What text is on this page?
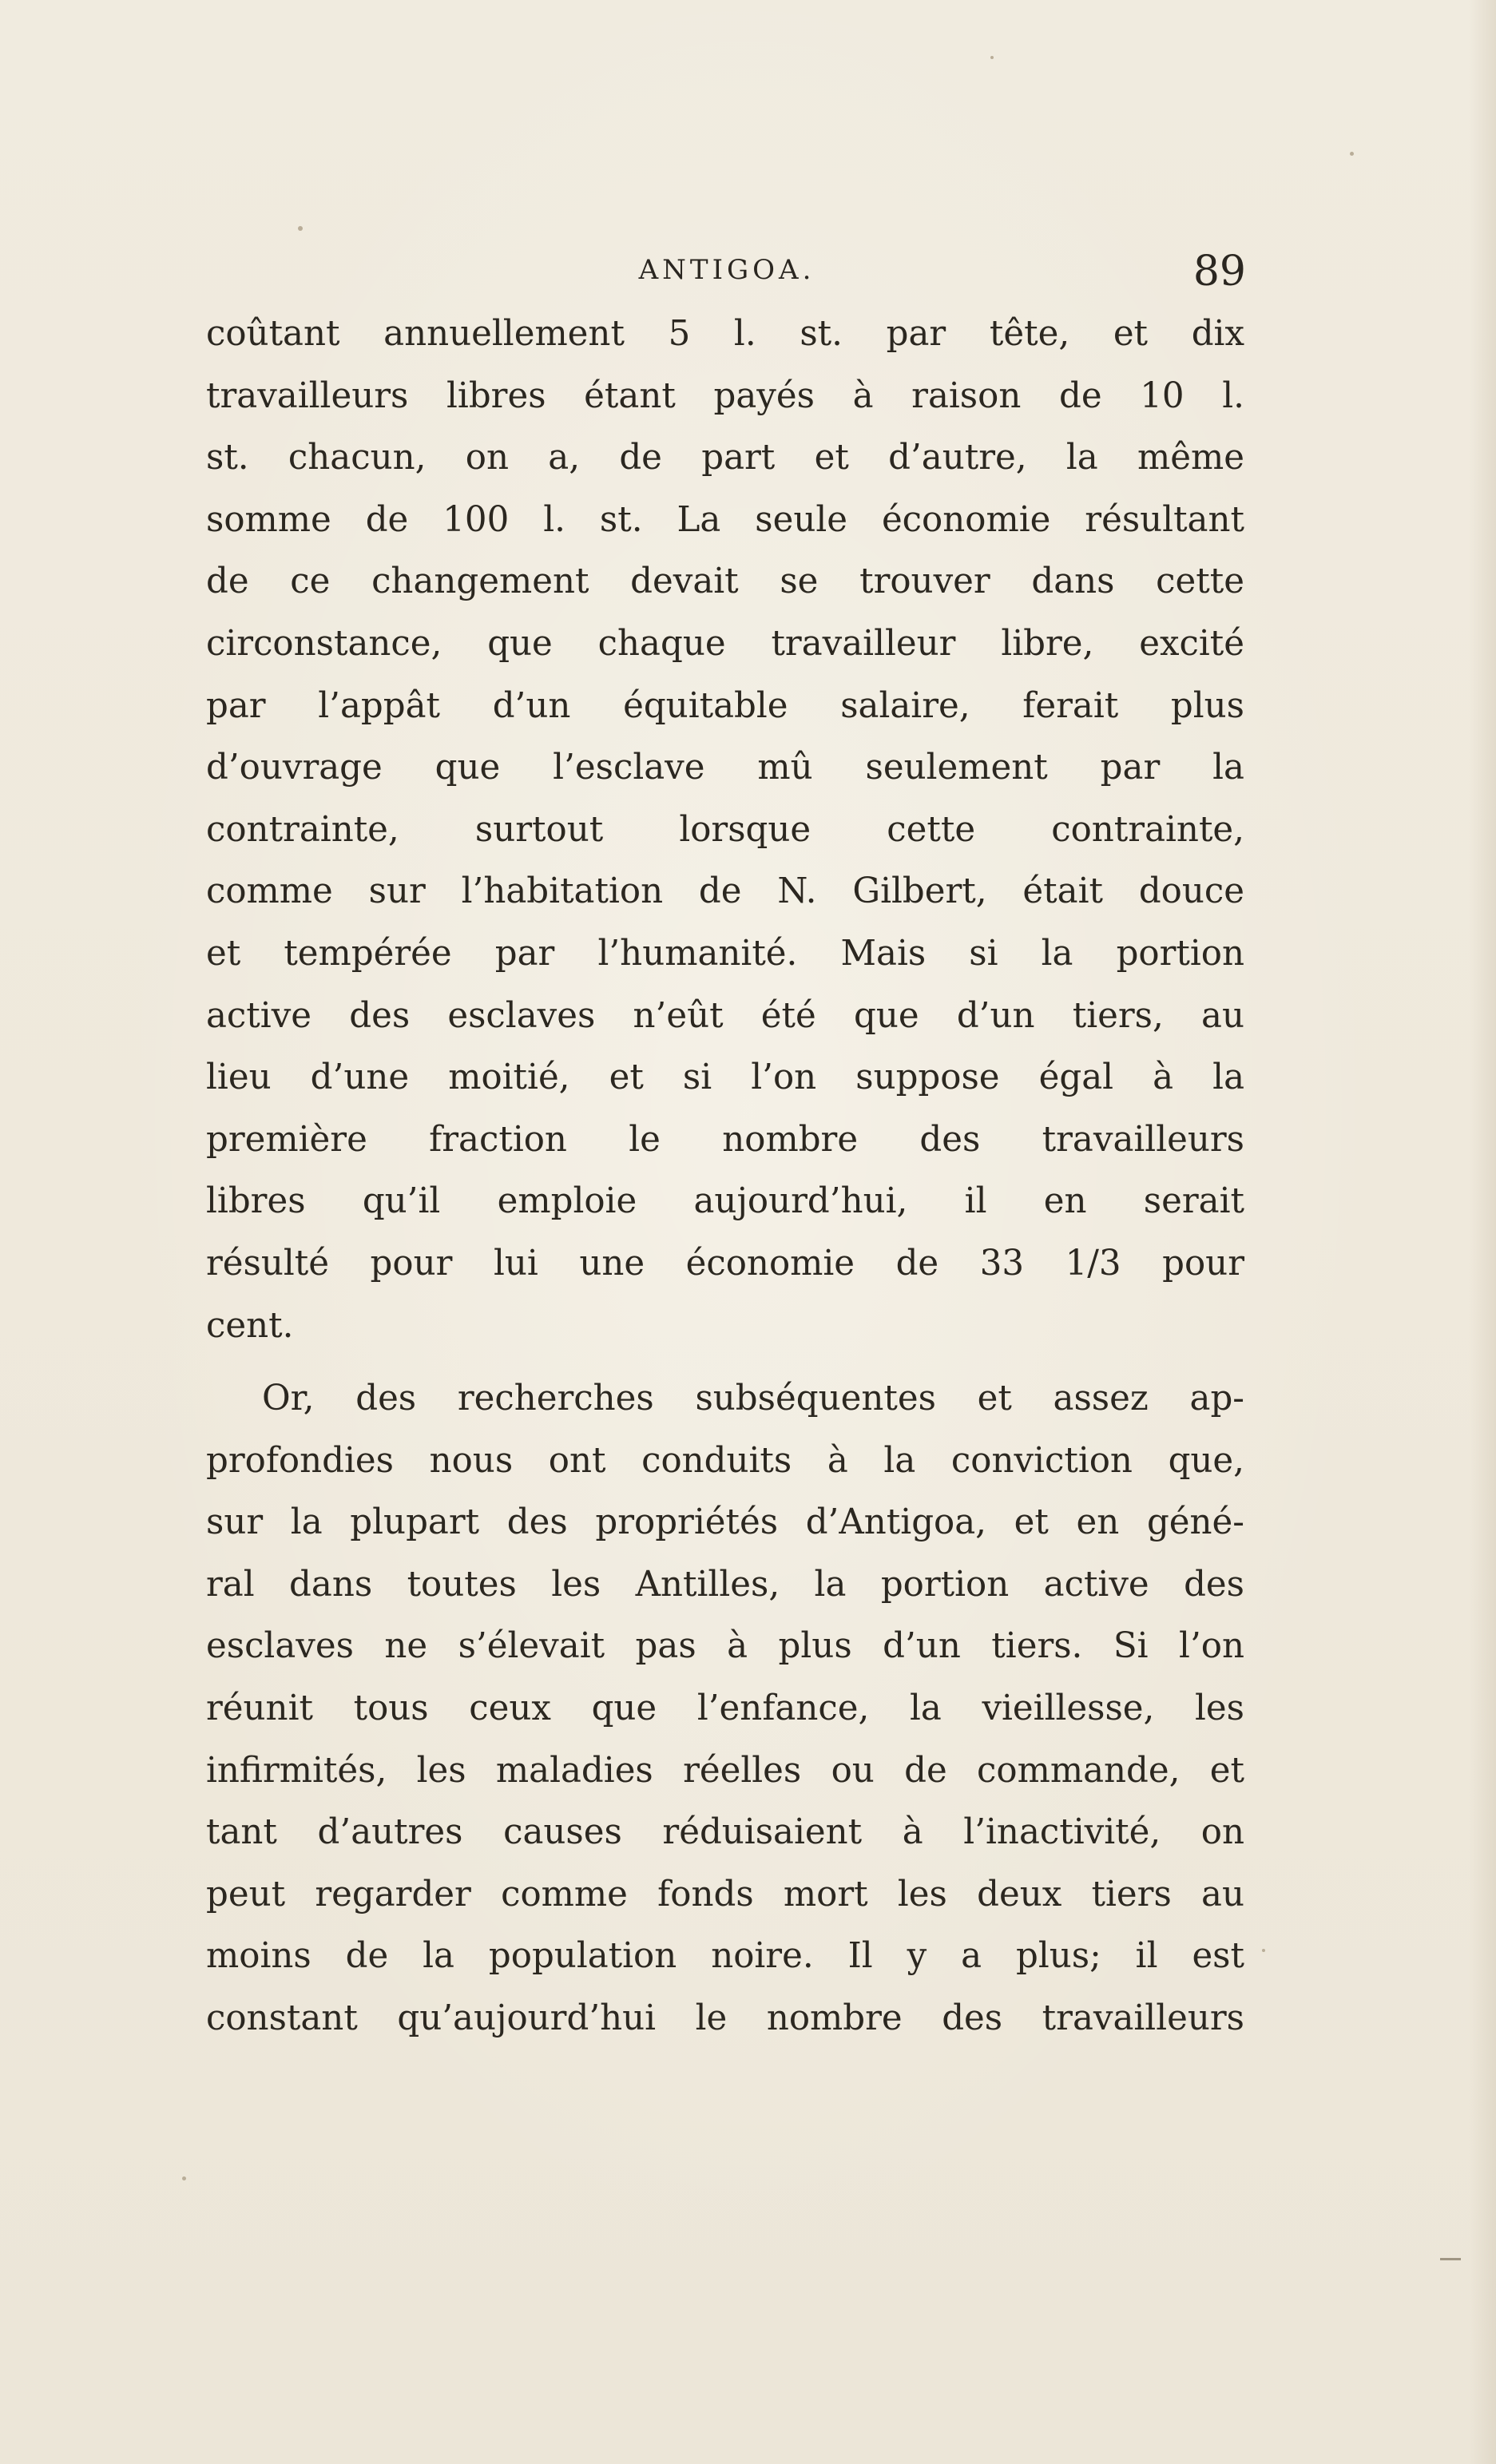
ANTIGOA.	89
coûtant annuellement 5 l. st. par tête, et dix
travailleurs libres étant payés à raison de 10 l.
st. chacun, on a, de part et d’autre, la même
somme de 100 l. st. La seule économie résultant
de ce changement devait se trouver dans cette
circonstance, que chaque travailleur libre, excité
par l’appât d’un équitable salaire, ferait plus
d’ouvrage que l’esclave mû seulement par la
contrainte, surtout lorsque cette contrainte,
comme sur l’habitation de N. Gilbert, était douce
et tempérée par l’humanité. Mais si la portion
active des esclaves n’eût été que d’un tiers, au
lieu d’une moitié, et si l’on suppose égal à la
première fraction le nombre des travailleurs
libres qu’il emploie aujourd’hui, il en serait
résulté pour lui une économie de 33 1/3 pour
cent.
Or, des recherches subséquentes et assez ap-
profondies nous ont conduits à la conviction que,
sur la plupart des propriétés d’Antigoa, et en géné-
ral dans toutes les Antilles, la portion active des
esclaves ne s’élevait pas à plus d’un tiers. Si l’on
réunit tous ceux que l’enfance, la vieillesse, les
infirmités, les maladies réelles ou de commande, et
tant d’autres causes réduisaient à l’inactivité, on
peut regarder comme fonds mort les deux tiers au
moins de la population noire. Il y a plus; il est
constant qu’aujourd’hui le nombre des travailleurs
